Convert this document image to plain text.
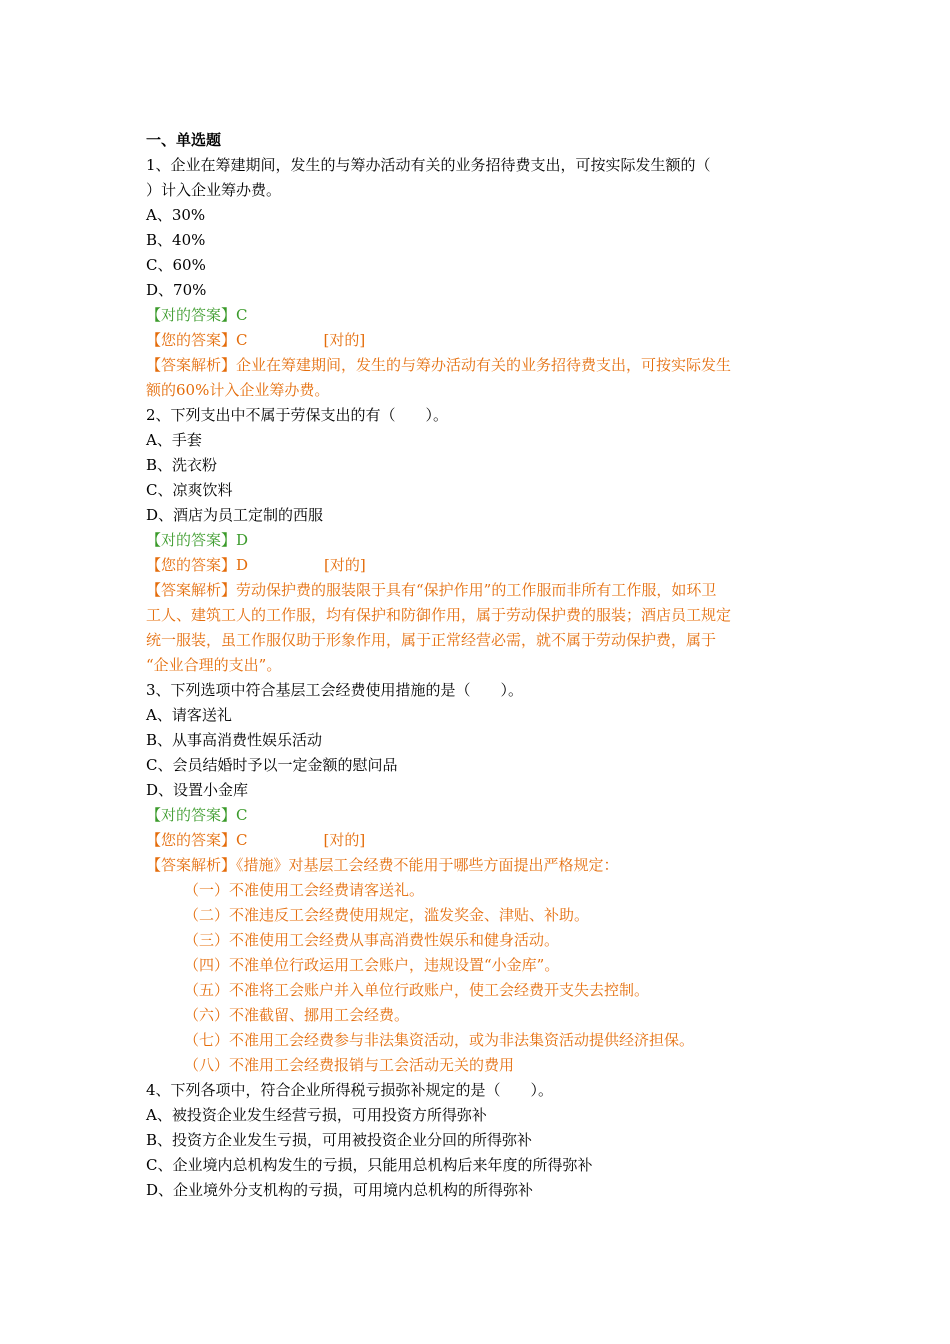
一、单选题
1、企业在筹建期间，发生的与筹办活动有关的业务招待费支出，可按实际发生额的（
）计入企业筹办费。
A、30%
B、40%
C、60%
D、70%
【对的答案】C
【您的答案】C	[对的]
【答案解析】企业在筹建期间，发生的与筹办活动有关的业务招待费支出，可按实际发生
额的60%计入企业筹办费。
2、下列支出中不属于劳保支出的有（　　）。
A、手套
B、洗衣粉
C、凉爽饮料
D、酒店为员工定制的西服
【对的答案】D
【您的答案】D	[对的]
【答案解析】劳动保护费的服装限于具有“保护作用”的工作服而非所有工作服，如环卫
工人、建筑工人的工作服，均有保护和防御作用，属于劳动保护费的服装；酒店员工规定
统一服装，虽工作服仅助于形象作用，属于正常经营必需，就不属于劳动保护费，属于
“企业合理的支出”。
3、下列选项中符合基层工会经费使用措施的是（　　）。
A、请客送礼
B、从事高消费性娱乐活动
C、会员结婚时予以一定金额的慰问品
D、设置小金库
【对的答案】C
【您的答案】C	[对的]
【答案解析】《措施》对基层工会经费不能用于哪些方面提出严格规定：
（一）不准使用工会经费请客送礼。
（二）不准违反工会经费使用规定，滥发奖金、津贴、补助。
（三）不准使用工会经费从事高消费性娱乐和健身活动。
（四）不准单位行政运用工会账户，违规设置“小金库”。
（五）不准将工会账户并入单位行政账户，使工会经费开支失去控制。
（六）不准截留、挪用工会经费。
（七）不准用工会经费参与非法集资活动，或为非法集资活动提供经济担保。
（八）不准用工会经费报销与工会活动无关的费用
4、下列各项中，符合企业所得税亏损弥补规定的是（　　）。
A、被投资企业发生经营亏损，可用投资方所得弥补
B、投资方企业发生亏损，可用被投资企业分回的所得弥补
C、企业境内总机构发生的亏损，只能用总机构后来年度的所得弥补
D、企业境外分支机构的亏损，可用境内总机构的所得弥补
